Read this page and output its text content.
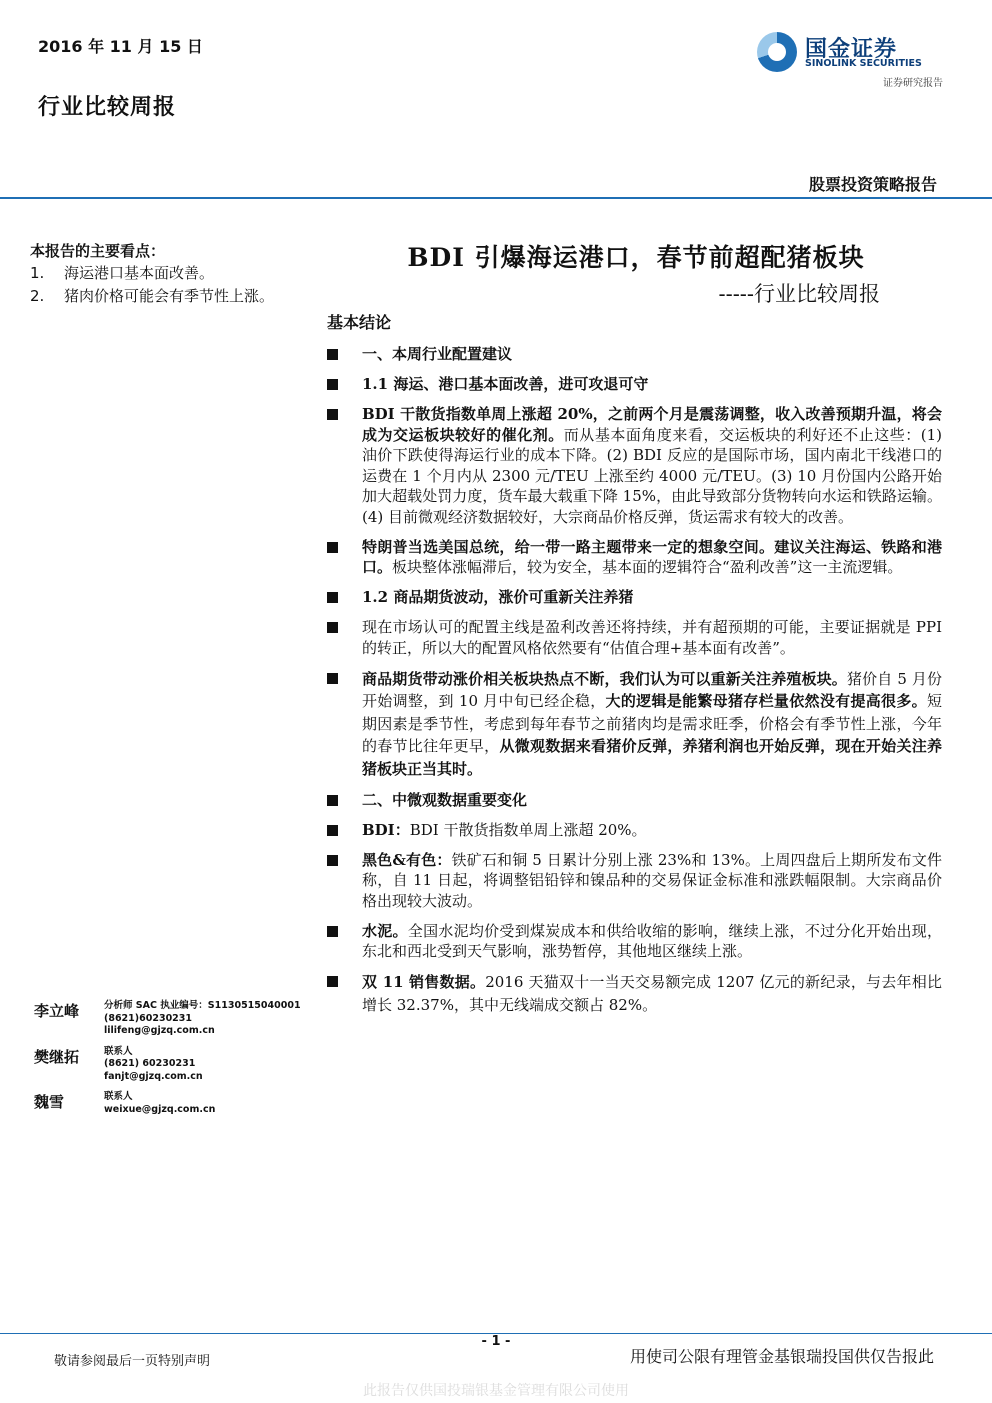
2016 年 11 月 15 日
行业比较周报
国金证券
SINOLINK SECURITIES
证券研究报告
股票投资策略报告
本报告的主要看点：
1.	海运港口基本面改善。
2.	猪肉价格可能会有季节性上涨。
李立峰	分析师 SAC 执业编号：S1130515040001
(8621)60230231
lilifeng@gjzq.com.cn
樊继拓	联系人
(8621) 60230231
fanjt@gjzq.com.cn
魏雪	联系人
weixue@gjzq.com.cn
BDI 引爆海运港口，春节前超配猪板块
-----行业比较周报
基本结论
一、本周行业配置建议
1.1 海运、港口基本面改善，进可攻退可守
BDI 干散货指数单周上涨超 20%，之前两个月是震荡调整，收入改善预期升温，将会成为交运板块较好的催化剂。而从基本面角度来看，交运板块的利好还不止这些：(1) 油价下跌使得海运行业的成本下降。(2) BDI 反应的是国际市场，国内南北干线港口的运费在 1 个月内从 2300 元/TEU 上涨至约 4000 元/TEU。(3) 10 月份国内公路开始加大超载处罚力度，货车最大载重下降 15%，由此导致部分货物转向水运和铁路运输。(4) 目前微观经济数据较好，大宗商品价格反弹，货运需求有较大的改善。
特朗普当选美国总统，给一带一路主题带来一定的想象空间。建议关注海运、铁路和港口。板块整体涨幅滞后，较为安全，基本面的逻辑符合“盈利改善”这一主流逻辑。
1.2 商品期货波动，涨价可重新关注养猪
现在市场认可的配置主线是盈利改善还将持续，并有超预期的可能，主要证据就是 PPI 的转正，所以大的配置风格依然要有“估值合理+基本面有改善”。
商品期货带动涨价相关板块热点不断，我们认为可以重新关注养殖板块。猪价自 5 月份开始调整，到 10 月中旬已经企稳，大的逻辑是能繁母猪存栏量依然没有提高很多。短期因素是季节性，考虑到每年春节之前猪肉均是需求旺季，价格会有季节性上涨，今年的春节比往年更早，从微观数据来看猪价反弹，养猪利润也开始反弹，现在开始关注养猪板块正当其时。
二、中微观数据重要变化
BDI：BDI 干散货指数单周上涨超 20%。
黑色&有色：铁矿石和铜 5 日累计分别上涨 23%和 13%。上周四盘后上期所发布文件称，自 11 日起，将调整铝铅锌和镍品种的交易保证金标准和涨跌幅限制。大宗商品价格出现较大波动。
水泥。全国水泥均价受到煤炭成本和供给收缩的影响，继续上涨，不过分化开始出现，东北和西北受到天气影响，涨势暂停，其他地区继续上涨。
双 11 销售数据。2016 天猫双十一当天交易额完成 1207 亿元的新纪录，与去年相比增长 32.37%，其中无线端成交额占 82%。
- 1 -
敬请参阅最后一页特别声明	用使司公限有理管金基银瑞投国供仅告报此
此报告仅供国投瑞银基金管理有限公司使用
